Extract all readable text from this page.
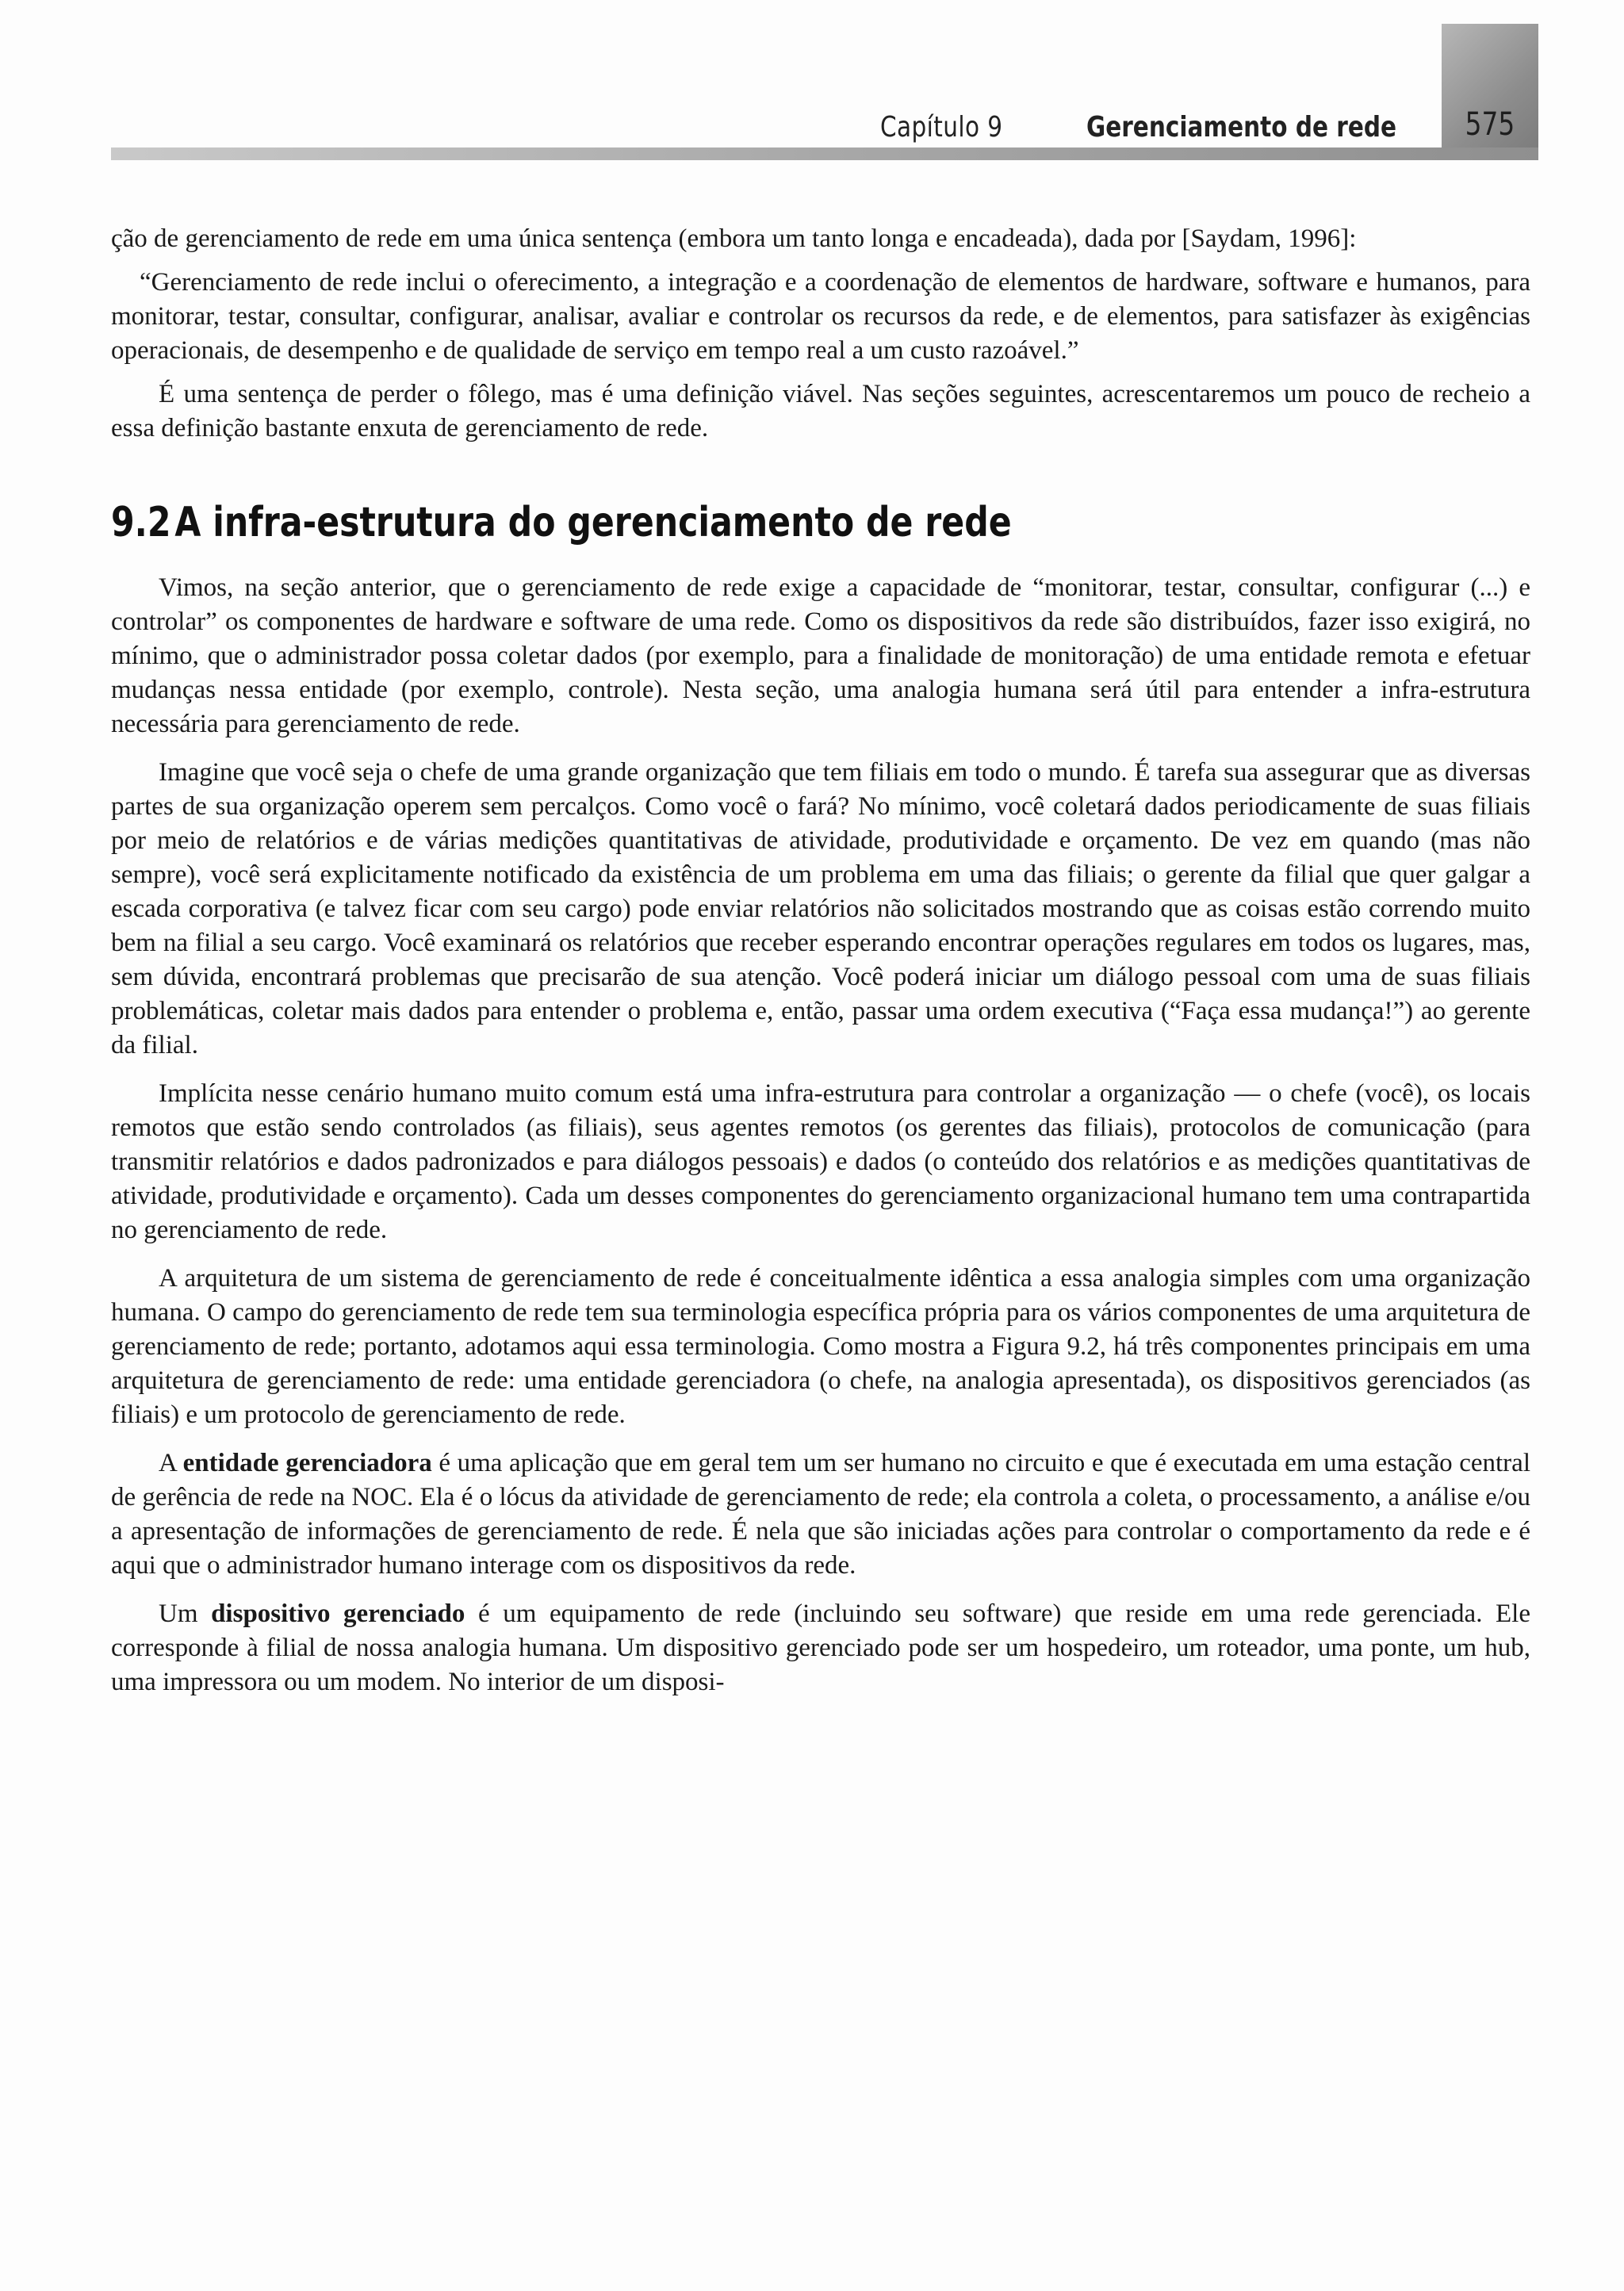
575
Capítulo 9	Gerenciamento de rede

ção de gerenciamento de rede em uma única sentença (embora um tanto longa e encadeada), dada por [Saydam, 1996]:

“Gerenciamento de rede inclui o oferecimento, a integração e a coordenação de elementos de hardware, software e humanos, para monitorar, testar, consultar, configurar, analisar, avaliar e controlar os recursos da rede, e de elementos, para satisfazer às exigências operacionais, de desempenho e de qualidade de serviço em tempo real a um custo razoável.”

É uma sentença de perder o fôlego, mas é uma definição viável. Nas seções seguintes, acrescentaremos um pouco de recheio a essa definição bastante enxuta de gerenciamento de rede.

9.2A infra-estrutura do gerenciamento de rede

Vimos, na seção anterior, que o gerenciamento de rede exige a capacidade de “monitorar, testar, consultar, configurar (...) e controlar” os componentes de hardware e software de uma rede. Como os dispositivos da rede são distribuídos, fazer isso exigirá, no mínimo, que o administrador possa coletar dados (por exemplo, para a finalidade de monitoração) de uma entidade remota e efetuar mudanças nessa entidade (por exemplo, controle). Nesta seção, uma analogia humana será útil para entender a infra-estrutura necessária para gerenciamento de rede.

Imagine que você seja o chefe de uma grande organização que tem filiais em todo o mundo. É tarefa sua assegurar que as diversas partes de sua organização operem sem percalços. Como você o fará? No mínimo, você coletará dados periodicamente de suas filiais por meio de relatórios e de várias medições quantitativas de atividade, produtividade e orçamento. De vez em quando (mas não sempre), você será explicitamente notificado da existência de um problema em uma das filiais; o gerente da filial que quer galgar a escada corporativa (e talvez ficar com seu cargo) pode enviar relatórios não solicitados mostrando que as coisas estão correndo muito bem na filial a seu cargo. Você examinará os relatórios que receber esperando encontrar operações regulares em todos os lugares, mas, sem dúvida, encontrará problemas que precisarão de sua atenção. Você poderá iniciar um diálogo pessoal com uma de suas filiais problemáticas, coletar mais dados para entender o problema e, então, passar uma ordem executiva (“Faça essa mudança!”) ao gerente da filial.

Implícita nesse cenário humano muito comum está uma infra-estrutura para controlar a organização — o chefe (você), os locais remotos que estão sendo controlados (as filiais), seus agentes remotos (os gerentes das filiais), protocolos de comunicação (para transmitir relatórios e dados padronizados e para diálogos pessoais) e dados (o conteúdo dos relatórios e as medições quantitativas de atividade, produtividade e orçamento). Cada um desses componentes do gerenciamento organizacional humano tem uma contrapartida no gerenciamento de rede.

A arquitetura de um sistema de gerenciamento de rede é conceitualmente idêntica a essa analogia simples com uma organização humana. O campo do gerenciamento de rede tem sua terminologia específica própria para os vários componentes de uma arquitetura de gerenciamento de rede; portanto, adotamos aqui essa terminologia. Como mostra a Figura 9.2, há três componentes principais em uma arquitetura de gerenciamento de rede: uma entidade gerenciadora (o chefe, na analogia apresentada), os dispositivos gerenciados (as filiais) e um protocolo de gerenciamento de rede.

A entidade gerenciadora é uma aplicação que em geral tem um ser humano no circuito e que é executada em uma estação central de gerência de rede na NOC. Ela é o lócus da atividade de gerenciamento de rede; ela controla a coleta, o processamento, a análise e/ou a apresentação de informações de gerenciamento de rede. É nela que são iniciadas ações para controlar o comportamento da rede e é aqui que o administrador humano interage com os dispositivos da rede.

Um dispositivo gerenciado é um equipamento de rede (incluindo seu software) que reside em uma rede gerenciada. Ele corresponde à filial de nossa analogia humana. Um dispositivo gerenciado pode ser um hospedeiro, um roteador, uma ponte, um hub, uma impressora ou um modem. No interior de um disposi-
